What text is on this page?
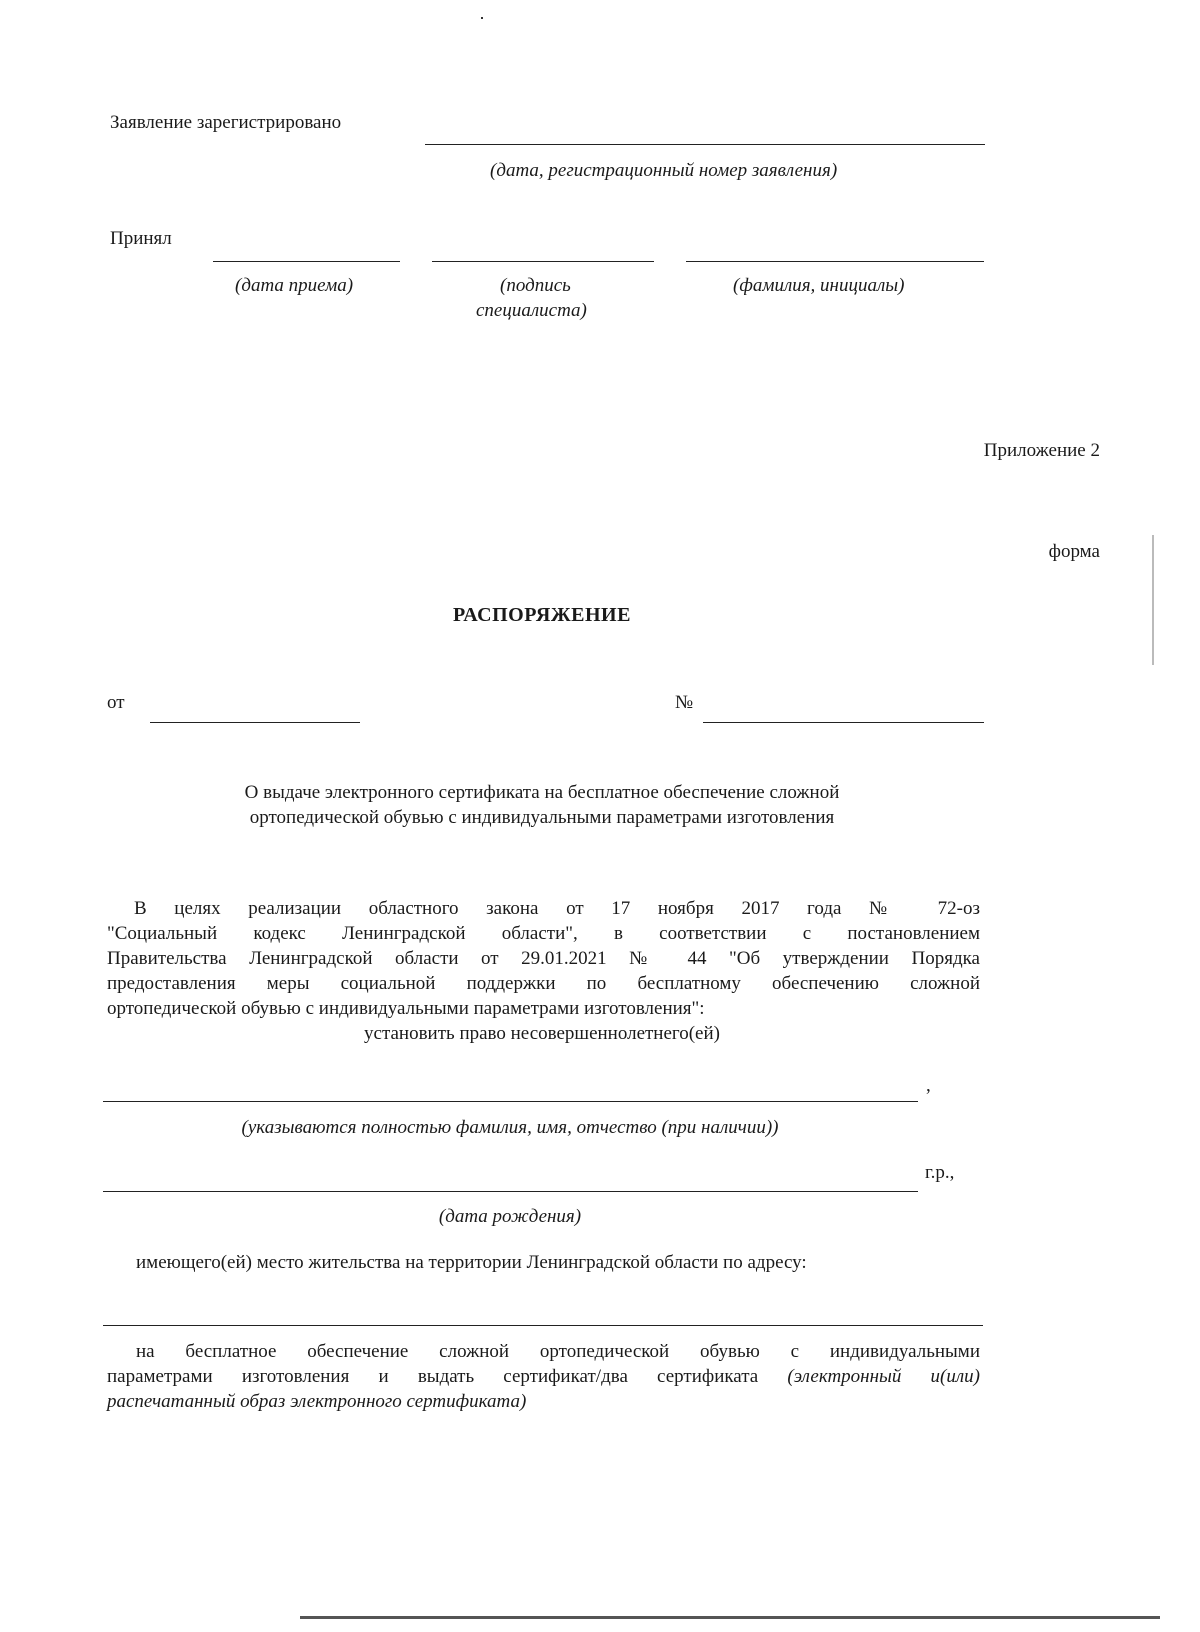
Заявление зарегистрировано
(дата, регистрационный номер заявления)
Принял
(дата приема)	(подпись
специалиста)
(фамилия, инициалы)
Приложение 2
форма
РАСПОРЯЖЕНИЕ
от	№
О выдаче электронного сертификата на бесплатное обеспечение сложной
ортопедической обувью с индивидуальными параметрами изготовления
В целях реализации областного закона от 17 ноября 2017 года № 72-оз
"Социальный кодекс Ленинградской области", в соответствии с постановлением
Правительства Ленинградской области от 29.01.2021 № 44 "Об утверждении Порядка
предоставления меры социальной поддержки по бесплатному обеспечению сложной
ортопедической обувью с индивидуальными параметрами изготовления":
установить право несовершеннолетнего(ей)
,
(указываются полностью фамилия, имя, отчество (при наличии))
г.р.,
(дата рождения)
имеющего(ей) место жительства на территории Ленинградской области по адресу:
на бесплатное обеспечение сложной ортопедической обувью с индивидуальными
параметрами изготовления и выдать сертификат/два сертификата (электронный и(или)
распечатанный образ электронного сертификата)
